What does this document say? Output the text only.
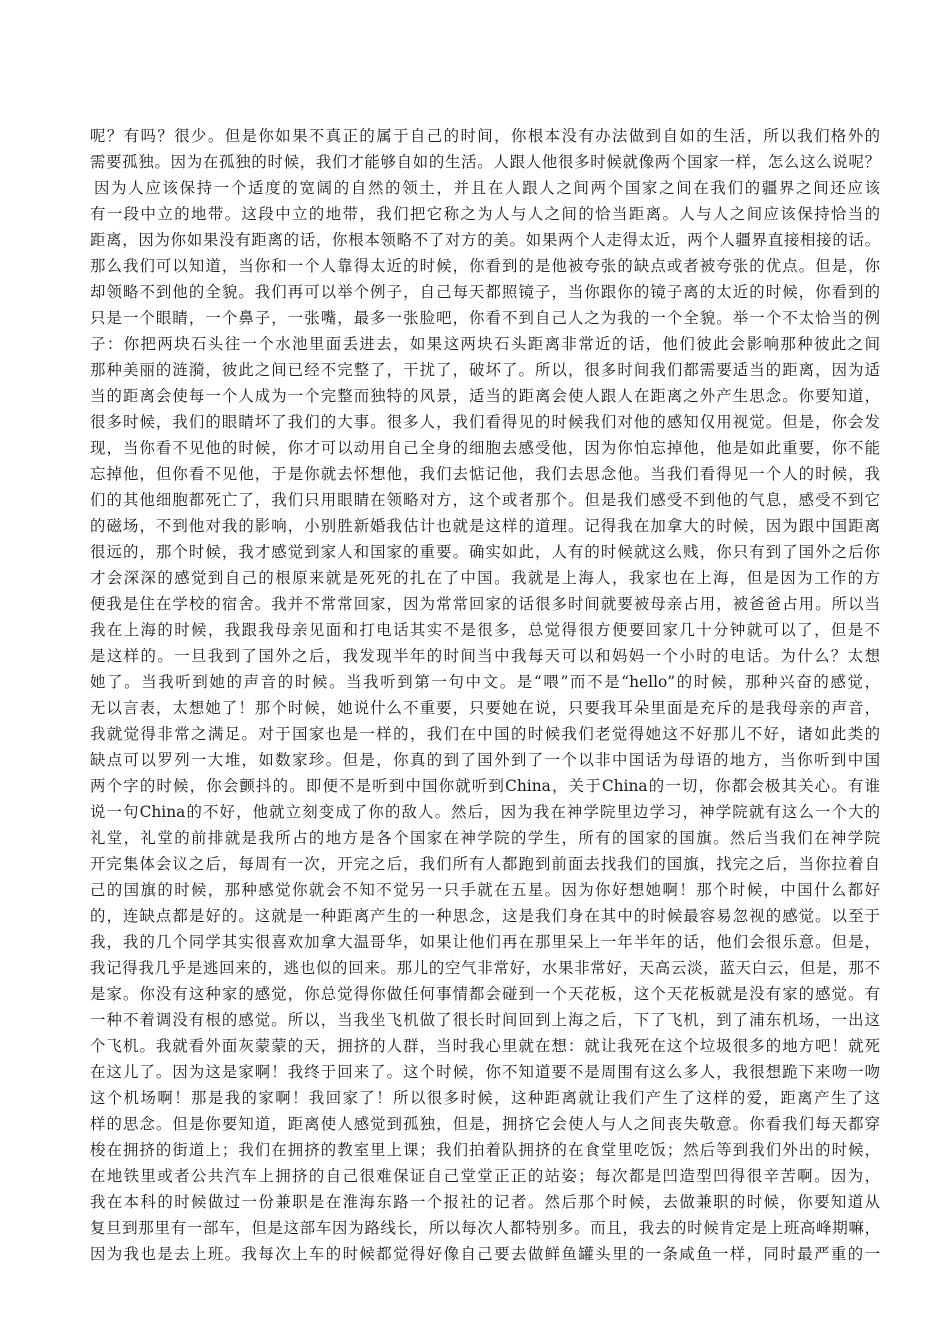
呢？有吗？很少。但是你如果不真正的属于自己的时间，你根本没有办法做到自如的生活，所以我们格外的
需要孤独。因为在孤独的时候，我们才能够自如的生活。人跟人他很多时候就像两个国家一样，怎么这么说呢？
因为人应该保持一个适度的宽阔的自然的领土，并且在人跟人之间两个国家之间在我们的疆界之间还应该
有一段中立的地带。这段中立的地带，我们把它称之为人与人之间的恰当距离。人与人之间应该保持恰当的
距离，因为你如果没有距离的话，你根本领略不了对方的美。如果两个人走得太近，两个人疆界直接相接的话。
那么我们可以知道，当你和一个人靠得太近的时候，你看到的是他被夸张的缺点或者被夸张的优点。但是，你
却领略不到他的全貌。我们再可以举个例子，自己每天都照镜子，当你跟你的镜子离的太近的时候，你看到的
只是一个眼睛，一个鼻子，一张嘴，最多一张脸吧，你看不到自己人之为我的一个全貌。举一个不太恰当的例
子：你把两块石头往一个水池里面丢进去，如果这两块石头距离非常近的话，他们彼此会影响那种彼此之间
那种美丽的涟漪，彼此之间已经不完整了，干扰了，破坏了。所以，很多时间我们都需要适当的距离，因为适
当的距离会使每一个人成为一个完整而独特的风景，适当的距离会使人跟人在距离之外产生思念。你要知道，
很多时候，我们的眼睛坏了我们的大事。很多人，我们看得见的时候我们对他的感知仅用视觉。但是，你会发
现，当你看不见他的时候，你才可以动用自己全身的细胞去感受他，因为你怕忘掉他，他是如此重要，你不能
忘掉他，但你看不见他，于是你就去怀想他，我们去惦记他，我们去思念他。当我们看得见一个人的时候，我
们的其他细胞都死亡了，我们只用眼睛在领略对方，这个或者那个。但是我们感受不到他的气息，感受不到它
的磁场，不到他对我的影响，小别胜新婚我估计也就是这样的道理。记得我在加拿大的时候，因为跟中国距离
很远的，那个时候，我才感觉到家人和国家的重要。确实如此，人有的时候就这么贱，你只有到了国外之后你
才会深深的感觉到自己的根原来就是死死的扎在了中国。我就是上海人，我家也在上海，但是因为工作的方
便我是住在学校的宿舍。我并不常常回家，因为常常回家的话很多时间就要被母亲占用，被爸爸占用。所以当
我在上海的时候，我跟我母亲见面和打电话其实不是很多，总觉得很方便要回家几十分钟就可以了，但是不
是这样的。一旦我到了国外之后，我发现半年的时间当中我每天可以和妈妈一个小时的电话。为什么？太想
她了。当我听到她的声音的时候。当我听到第一句中文。是“喂”而不是“hello”的时候，那种兴奋的感觉，
无以言表，太想她了！那个时候，她说什么不重要，只要她在说，只要我耳朵里面是充斥的是我母亲的声音，
我就觉得非常之满足。对于国家也是一样的，我们在中国的时候我们老觉得她这不好那儿不好，诸如此类的
缺点可以罗列一大堆，如数家珍。但是，你真的到了国外到了一个以非中国话为母语的地方，当你听到中国
两个字的时候，你会颤抖的。即便不是听到中国你就听到China，关于China的一切，你都会极其关心。有谁
说一句China的不好，他就立刻变成了你的敌人。然后，因为我在神学院里边学习，神学院就有这么一个大的
礼堂，礼堂的前排就是我所占的地方是各个国家在神学院的学生，所有的国家的国旗。然后当我们在神学院
开完集体会议之后，每周有一次，开完之后，我们所有人都跑到前面去找我们的国旗，找完之后，当你拉着自
己的国旗的时候，那种感觉你就会不知不觉另一只手就在五星。因为你好想她啊！那个时候，中国什么都好
的，连缺点都是好的。这就是一种距离产生的一种思念，这是我们身在其中的时候最容易忽视的感觉。以至于
我，我的几个同学其实很喜欢加拿大温哥华，如果让他们再在那里呆上一年半年的话，他们会很乐意。但是，
我记得我几乎是逃回来的，逃也似的回来。那儿的空气非常好，水果非常好，天高云淡，蓝天白云，但是，那不
是家。你没有这种家的感觉，你总觉得你做任何事情都会碰到一个天花板，这个天花板就是没有家的感觉。有
一种不着调没有根的感觉。所以，当我坐飞机做了很长时间回到上海之后，下了飞机，到了浦东机场，一出这
个飞机。我就看外面灰蒙蒙的天，拥挤的人群，当时我心里就在想：就让我死在这个垃圾很多的地方吧！就死
在这儿了。因为这是家啊！我终于回来了。这个时候，你不知道要不是周围有这么多人，我很想跪下来吻一吻
这个机场啊！那是我的家啊！我回家了！所以很多时候，这种距离就让我们产生了这样的爱，距离产生了这
样的思念。但是你要知道，距离使人感觉到孤独，但是，拥挤它会使人与人之间丧失敬意。你看我们每天都穿
梭在拥挤的街道上；我们在拥挤的教室里上课；我们拍着队拥挤的在食堂里吃饭；然后等到我们外出的时候，
在地铁里或者公共汽车上拥挤的自己很难保证自己堂堂正正的站姿；每次都是凹造型凹得很辛苦啊。因为，
我在本科的时候做过一份兼职是在淮海东路一个报社的记者。然后那个时候，去做兼职的时候，你要知道从
复旦到那里有一部车，但是这部车因为路线长，所以每次人都特别多。而且，我去的时候肯定是上班高峰期嘛，
因为我也是去上班。我每次上车的时候都觉得好像自己要去做鲜鱼罐头里的一条咸鱼一样，同时最严重的一
